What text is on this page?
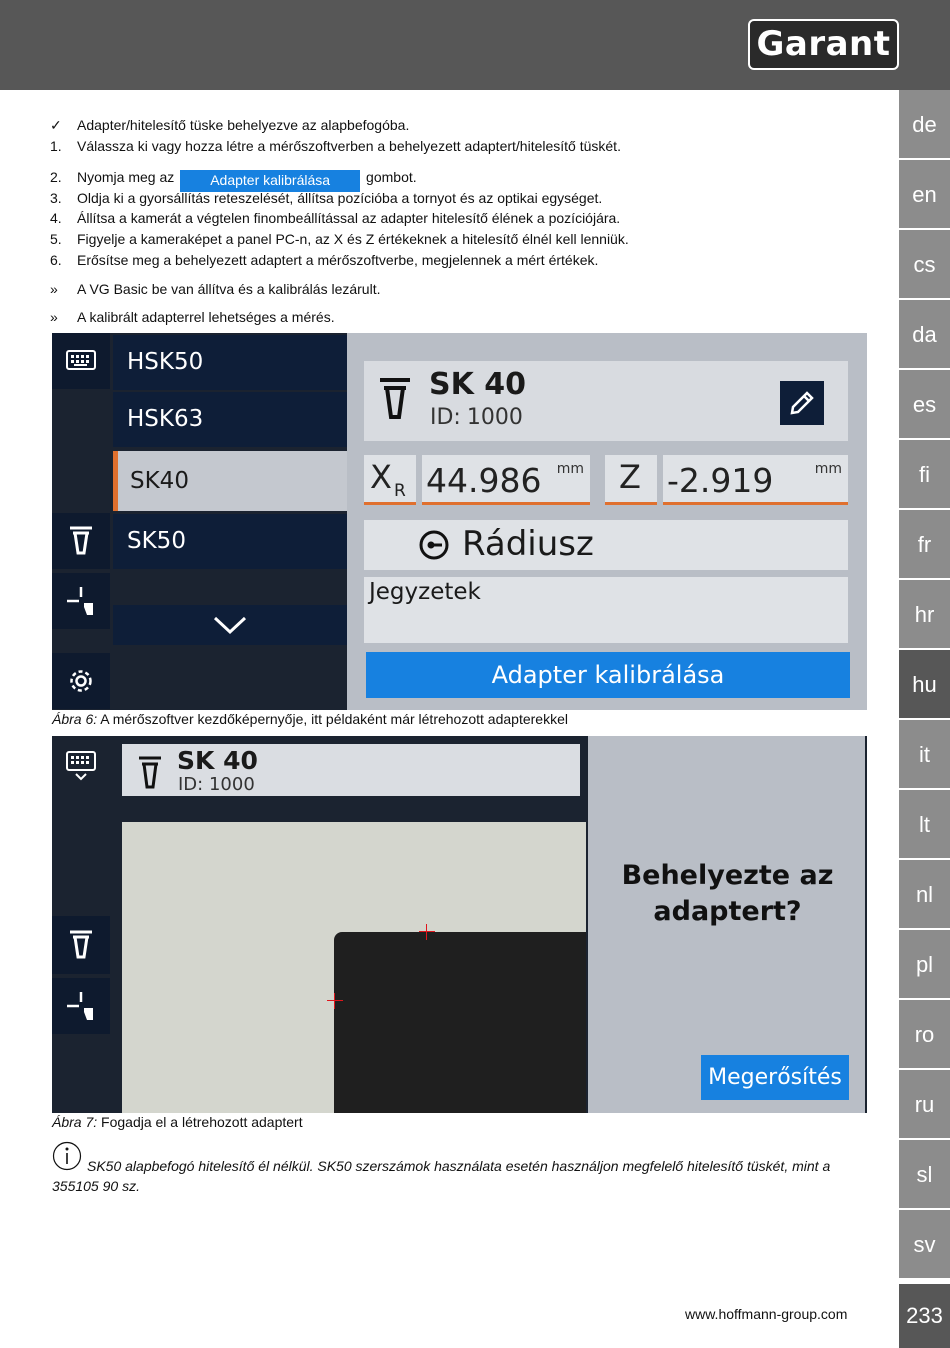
Garant
de
en
cs
da
es
fi
fr
hr
hu
it
lt
nl
pl
ro
ru
sl
sv
233
✓	Adapter/hitelesítő tüske behelyezve az alapbefogóba.
1.	Válassza ki vagy hozza létre a mérőszoftverben a behelyezett adaptert/hitelesítő tüskét.
2.	Nyomja meg az	Adapter kalibrálása	gombot.
3.	Oldja ki a gyorsállítás reteszelését, állítsa pozícióba a tornyot és az optikai egységet.
4.	Állítsa a kamerát a végtelen finombeállítással az adapter hitelesítő élének a pozíciójára.
5.	Figyelje a kameraképet a panel PC-n, az X és Z értékeknek a hitelesítő élnél kell lenniük.
6.	Erősítse meg a behelyezett adaptert a mérőszoftverbe, megjelennek a mért értékek.
»	A VG Basic be van állítva és a kalibrálás lezárult.
»	A kalibrált adapterrel lehetséges a mérés.
HSK50
HSK63
SK40
SK50
SK 40
ID: 1000
X R 44.986 mm Z -2.919	mm
Rádiusz
Jegyzetek
Adapter kalibrálása
Ábra 6: A mérőszoftver kezdőképernyője, itt példaként már létrehozott adapterekkel
SK 40
ID: 1000
Behelyezte az adaptert?
Megerősítés
Ábra 7: Fogadja el a létrehozott adaptert
SK50 alapbefogó hitelesítő él nélkül. SK50 szerszámok használata esetén használjon megfelelő hitelesítő tüskét, mint a 355105 90 sz.
www.hoffmann-group.com
